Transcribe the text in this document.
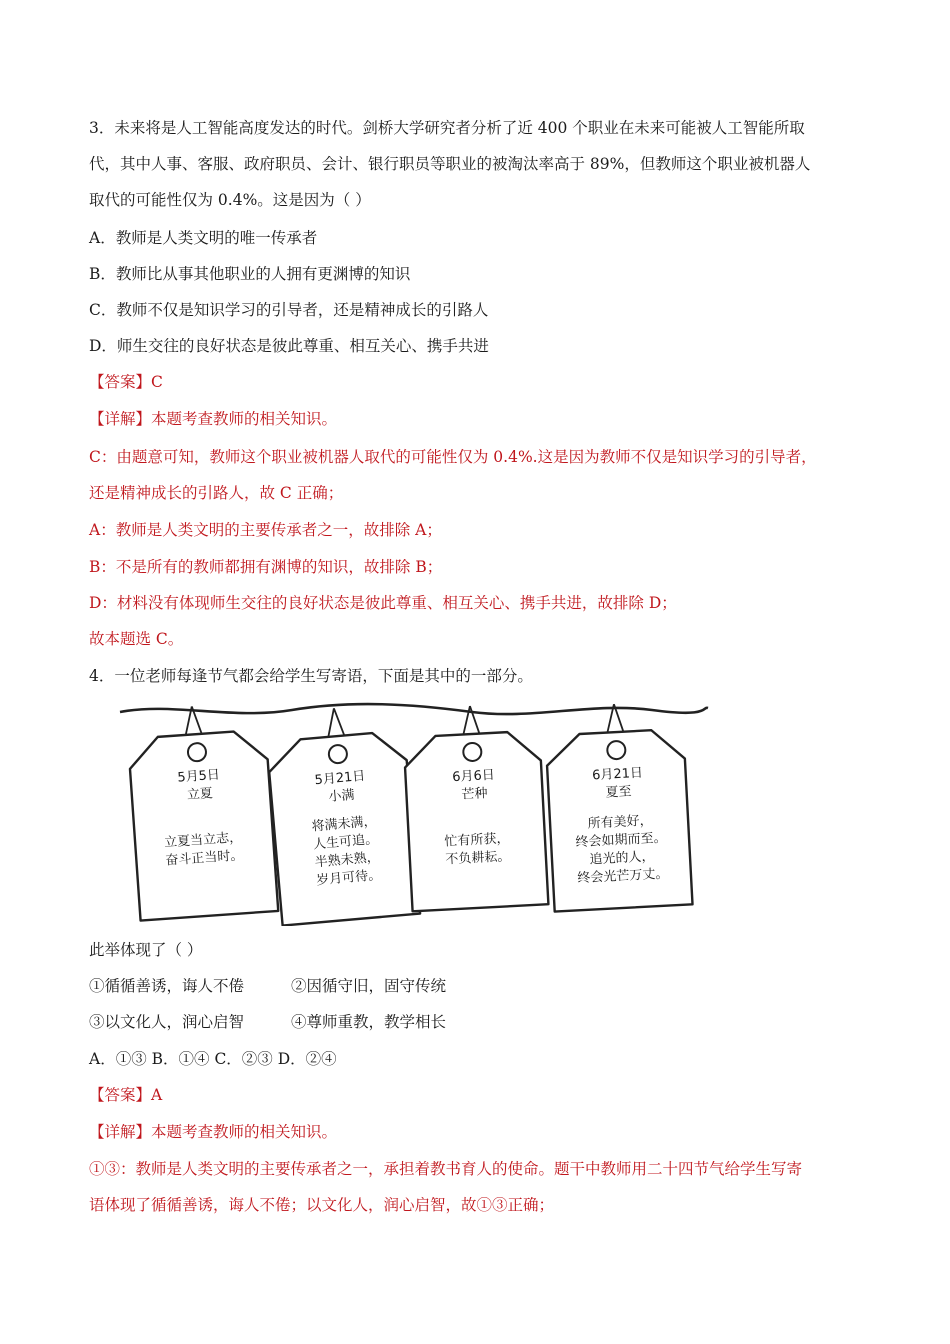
3．未来将是人工智能高度发达的时代。剑桥大学研究者分析了近 400 个职业在未来可能被人工智能所取
代，其中人事、客服、政府职员、会计、银行职员等职业的被淘汰率高于 89%，但教师这个职业被机器人
取代的可能性仅为 0.4%。这是因为（ ）
A．教师是人类文明的唯一传承者
B．教师比从事其他职业的人拥有更渊博的知识
C．教师不仅是知识学习的引导者，还是精神成长的引路人
D．师生交往的良好状态是彼此尊重、相互关心、携手共进
【答案】C
【详解】本题考查教师的相关知识。
C：由题意可知，教师这个职业被机器人取代的可能性仅为 0.4%.这是因为教师不仅是知识学习的引导者，
还是精神成长的引路人，故 C 正确；
A：教师是人类文明的主要传承者之一，故排除 A；
B：不是所有的教师都拥有渊博的知识，故排除 B；
D：材料没有体现师生交往的良好状态是彼此尊重、相互关心、携手共进，故排除 D；
故本题选 C。
4．一位老师每逢节气都会给学生写寄语，下面是其中的一部分。
5月5日
立夏
立夏当立志，
奋斗正当时。
5月21日
小满
将满未满，
人生可追。
半熟未熟，
岁月可待。
6月6日
芒种
忙有所获，
不负耕耘。
6月21日
夏至
所有美好，
终会如期而至。
追光的人，
终会光芒万丈。
此举体现了（ ）
①循循善诱，诲人不倦	②因循守旧，固守传统
③以文化人，润心启智	④尊师重教，教学相长
A．①③ B．①④ C．②③ D．②④
【答案】A
【详解】本题考查教师的相关知识。
①③：教师是人类文明的主要传承者之一，承担着教书育人的使命。题干中教师用二十四节气给学生写寄
语体现了循循善诱，诲人不倦；以文化人，润心启智，故①③正确；
